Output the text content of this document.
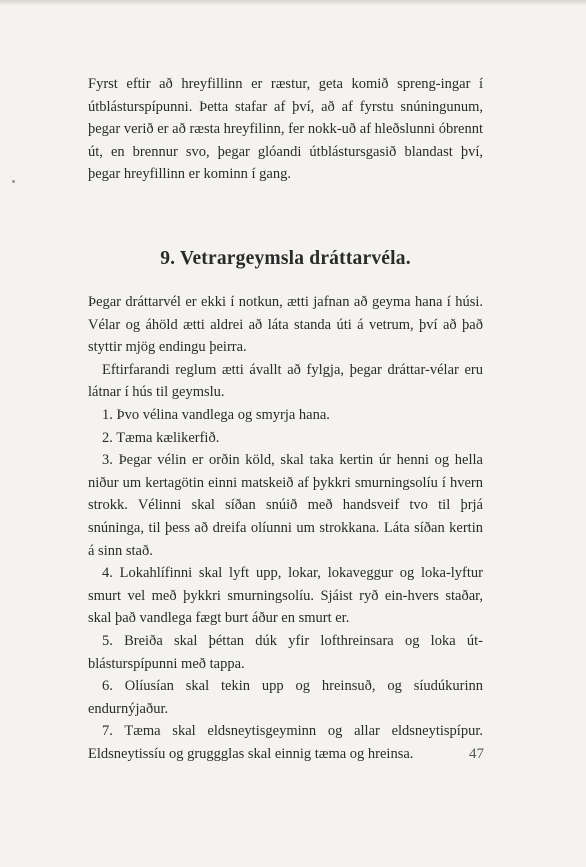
Fyrst eftir að hreyfillinn er ræstur, geta komið spreng-ingar í útblásturspípunni. Þetta stafar af því, að af fyrstu snúningunum, þegar verið er að ræsta hreyfilinn, fer nokk-uð af hleðslunni óbrennt út, en brennur svo, þegar glóandi útblástursgasið blandast því, þegar hreyfillinn er kominn í gang.

9. Vetrargeymsla dráttarvéla.

Þegar dráttarvél er ekki í notkun, ætti jafnan að geyma hana í húsi. Vélar og áhöld ætti aldrei að láta standa úti á vetrum, því að það styttir mjög endingu þeirra.

Eftirfarandi reglum ætti ávallt að fylgja, þegar dráttar-vélar eru látnar í hús til geymslu.

1. Þvo vélina vandlega og smyrja hana.

2. Tæma kælikerfið.

3. Þegar vélin er orðin köld, skal taka kertin úr henni og hella niður um kertagötin einni matskeið af þykkri smurningsolíu í hvern strokk. Vélinni skal síðan snúið með handsveif tvo til þrjá snúninga, til þess að dreifa olíunni um strokkana. Láta síðan kertin á sinn stað.

4. Lokahlífinni skal lyft upp, lokar, lokaveggur og loka-lyftur smurt vel með þykkri smurningsolíu. Sjáist ryð ein-hvers staðar, skal það vandlega fægt burt áður en smurt er.

5. Breiða skal þéttan dúk yfir lofthreinsara og loka út-blásturspípunni með tappa.

6. Olíusían skal tekin upp og hreinsuð, og síudúkurinn endurnýjaður.

7. Tæma skal eldsneytisgeyminn og allar eldsneytispípur. Eldsneytissíu og gruggglas skal einnig tæma og hreinsa.	47
